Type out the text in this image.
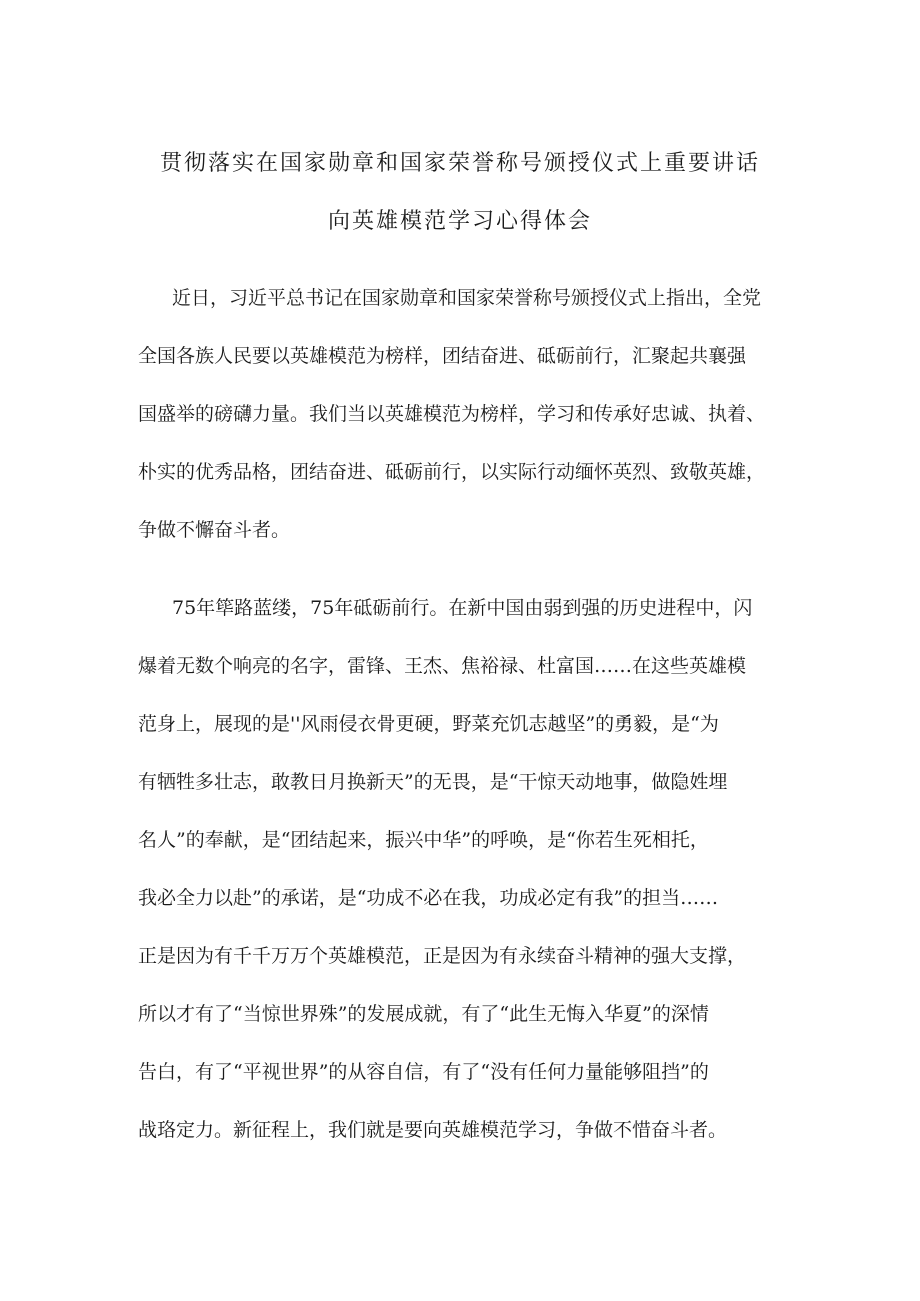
贯彻落实在国家勋章和国家荣誉称号颁授仪式上重要讲话
向英雄模范学习心得体会
近日，习近平总书记在国家勋章和国家荣誉称号颁授仪式上指出，全党
全国各族人民要以英雄模范为榜样，团结奋进、砥砺前行，汇聚起共襄强
国盛举的磅礴力量。我们当以英雄模范为榜样，学习和传承好忠诚、执着、
朴实的优秀品格，团结奋进、砥砺前行，以实际行动缅怀英烈、致敬英雄，
争做不懈奋斗者。
75年筚路蓝缕，75年砥砺前行。在新中国由弱到强的历史进程中，闪
爆着无数个响亮的名字，雷锋、王杰、焦裕禄、杜富国……在这些英雄模
范身上，展现的是''风雨侵衣骨更硬，野菜充饥志越坚”的勇毅，是“为
有牺牲多壮志，敢教日月换新天”的无畏，是“干惊天动地事，做隐姓埋
名人”的奉献，是“团结起来，振兴中华”的呼唤，是“你若生死相托，
我必全力以赴”的承诺，是“功成不必在我，功成必定有我”的担当……
正是因为有千千万万个英雄模范，正是因为有永续奋斗精神的强大支撑，
所以才有了“当惊世界殊”的发展成就，有了“此生无悔入华夏”的深情
告白，有了“平视世界”的从容自信，有了“没有任何力量能够阻挡”的
战珞定力。新征程上，我们就是要向英雄模范学习，争做不惜奋斗者。
